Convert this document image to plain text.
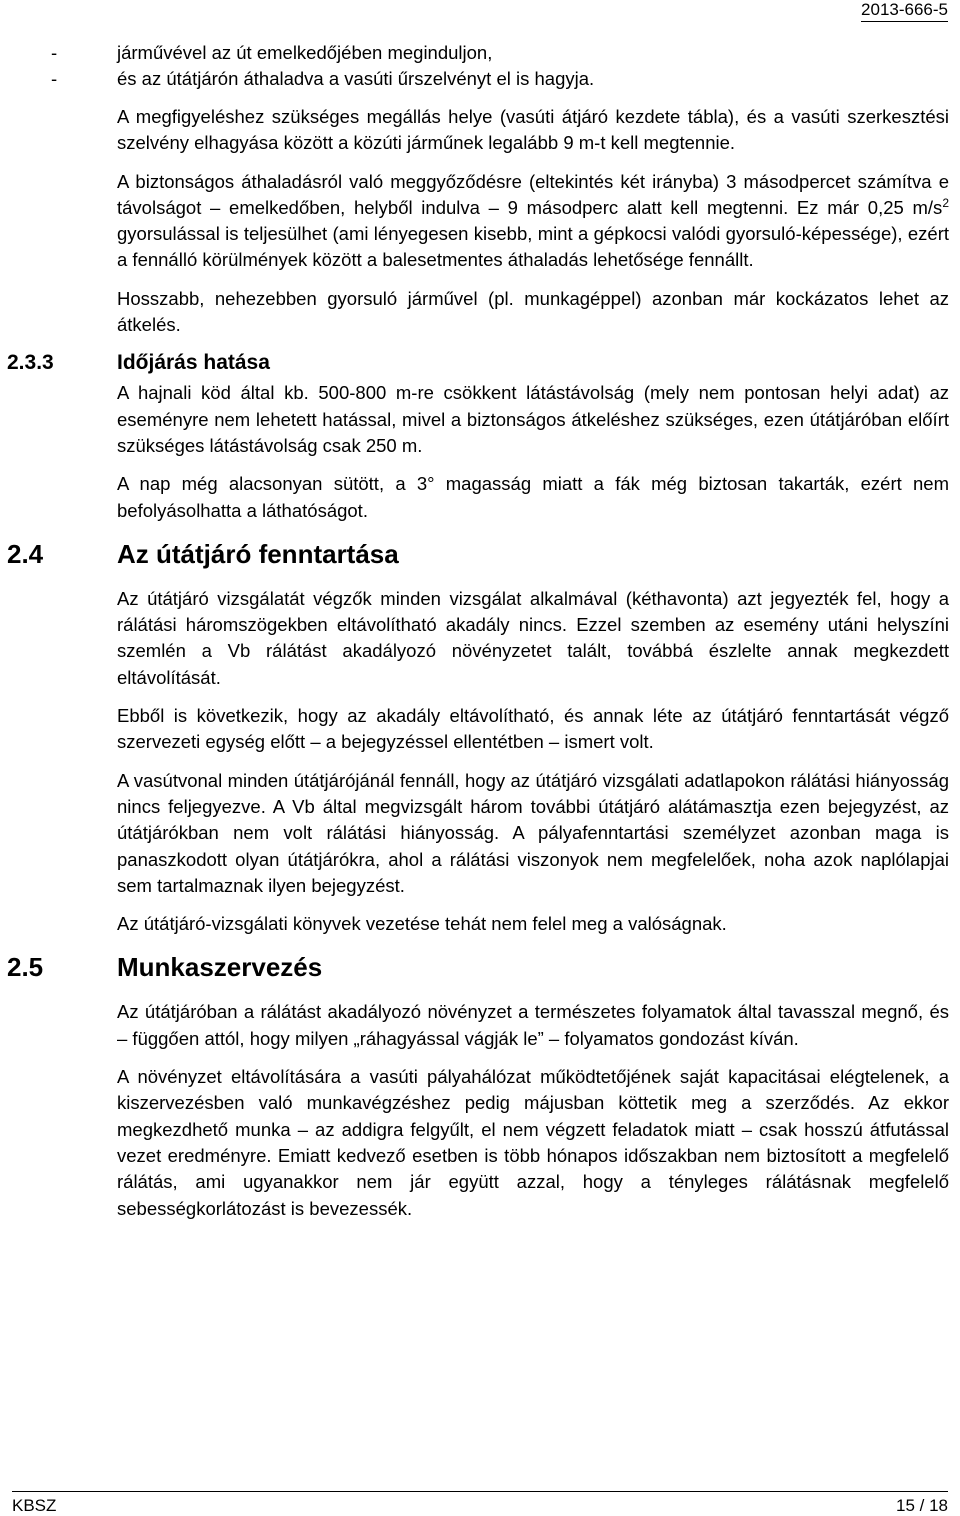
2013-666-5
-	járművével az út emelkedőjében meginduljon,
-	és az útátjárón áthaladva a vasúti űrszelvényt el is hagyja.

A megfigyeléshez szükséges megállás helye (vasúti átjáró kezdete tábla), és a vasúti szerkesztési szelvény elhagyása között a közúti járműnek legalább 9 m-t kell megtennie.

A biztonságos áthaladásról való meggyőződésre (eltekintés két irányba) 3 másodpercet számítva e távolságot – emelkedőben, helyből indulva – 9 másodperc alatt kell megtenni. Ez már 0,25 $m/s^2$ gyorsulással is teljesülhet (ami lényegesen kisebb, mint a gépkocsi valódi gyorsuló-képessége), ezért a fennálló körülmények között a balesetmentes áthaladás lehetősége fennállt.

Hosszabb, nehezebben gyorsuló járművel (pl. munkagéppel) azonban már kockázatos lehet az átkelés.

2.3.3	Időjárás hatása

A hajnali köd által kb. 500-800 m-re csökkent látástávolság (mely nem pontosan helyi adat) az eseményre nem lehetett hatással, mivel a biztonságos átkeléshez szükséges, ezen útátjáróban előírt szükséges látástávolság csak 250 m.

A nap még alacsonyan sütött, a 3° magasság miatt a fák még biztosan takarták, ezért nem befolyásolhatta a láthatóságot.

2.4	Az útátjáró fenntartása

Az útátjáró vizsgálatát végzők minden vizsgálat alkalmával (kéthavonta) azt jegyezték fel, hogy a rálátási háromszögekben eltávolítható akadály nincs. Ezzel szemben az esemény utáni helyszíni szemlén a Vb rálátást akadályozó növényzetet talált, továbbá észlelte annak megkezdett eltávolítását.

Ebből is következik, hogy az akadály eltávolítható, és annak léte az útátjáró fenntartását végző szervezeti egység előtt – a bejegyzéssel ellentétben – ismert volt.

A vasútvonal minden útátjárójánál fennáll, hogy az útátjáró vizsgálati adatlapokon rálátási hiányosság nincs feljegyezve. A Vb által megvizsgált három további útátjáró alátámasztja ezen bejegyzést, az útátjárókban nem volt rálátási hiányosság. A pályafenntartási személyzet azonban maga is panaszkodott olyan útátjárókra, ahol a rálátási viszonyok nem megfelelőek, noha azok naplólapjai sem tartalmaznak ilyen bejegyzést.

Az útátjáró-vizsgálati könyvek vezetése tehát nem felel meg a valóságnak.

2.5	Munkaszervezés

Az útátjáróban a rálátást akadályozó növényzet a természetes folyamatok által tavasszal megnő, és – függően attól, hogy milyen „ráhagyással vágják le” – folyamatos gondozást kíván.

A növényzet eltávolítására a vasúti pályahálózat működtetőjének saját kapacitásai elégtelenek, a kiszervezésben való munkavégzéshez pedig májusban köttetik meg a szerződés. Az ekkor megkezdhető munka – az addigra felgyűlt, el nem végzett feladatok miatt – csak hosszú átfutással vezet eredményre. Emiatt kedvező esetben is több hónapos időszakban nem biztosított a megfelelő rálátás, ami ugyanakkor nem jár együtt azzal, hogy a tényleges rálátásnak megfelelő sebességkorlátozást is bevezessék.

KBSZ	15 / 18
